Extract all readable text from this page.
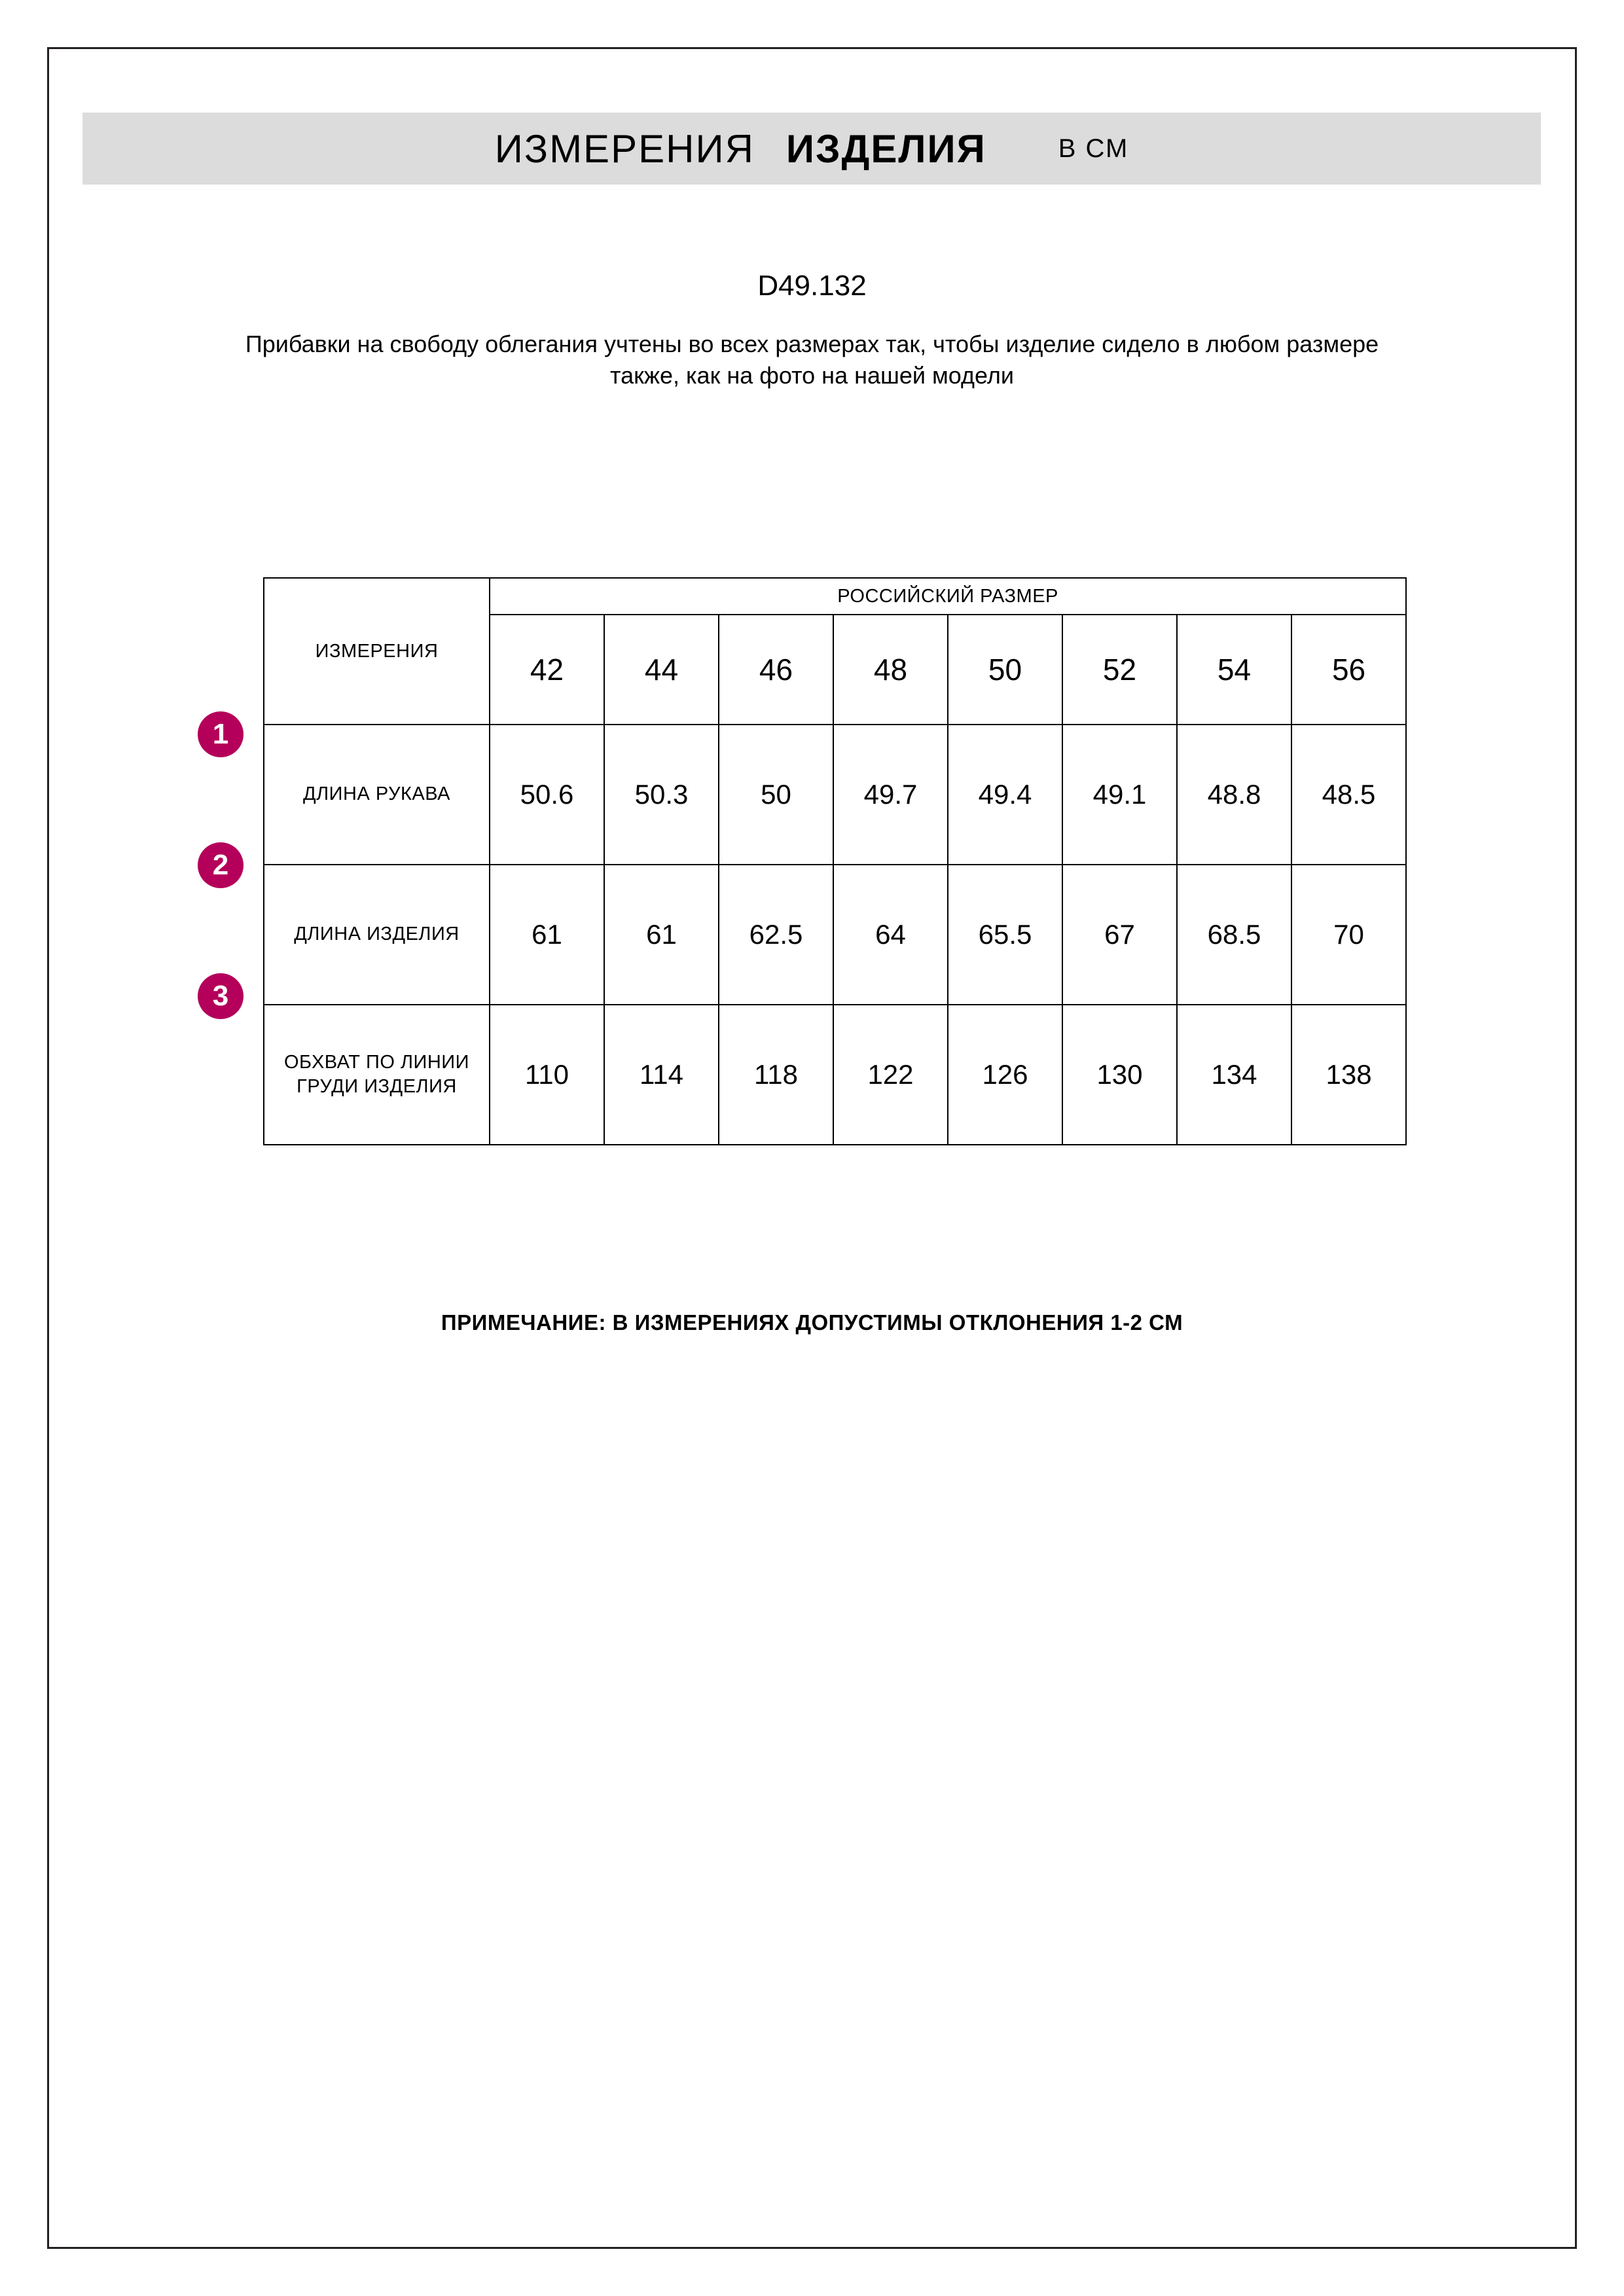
ИЗМЕРЕНИЯ ИЗДЕЛИЯ	В СМ
D49.132
Прибавки на свободу облегания учтены во всех размерах так, чтобы изделие сидело в любом размере также, как на фото на нашей модели
1
2
3
ИЗМЕРЕНИЯ	РОССИЙСКИЙ РАЗМЕР							
	42	44	46	48	50	52	54	56
ДЛИНА РУКАВА	50.6	50.3	50	49.7	49.4	49.1	48.8	48.5
ДЛИНА ИЗДЕЛИЯ	61	61	62.5	64	65.5	67	68.5	70
ОБХВАТ ПО ЛИНИИ ГРУДИ ИЗДЕЛИЯ	110	114	118	122	126	130	134	138
ПРИМЕЧАНИЕ: В ИЗМЕРЕНИЯХ ДОПУСТИМЫ ОТКЛОНЕНИЯ 1-2 СМ
